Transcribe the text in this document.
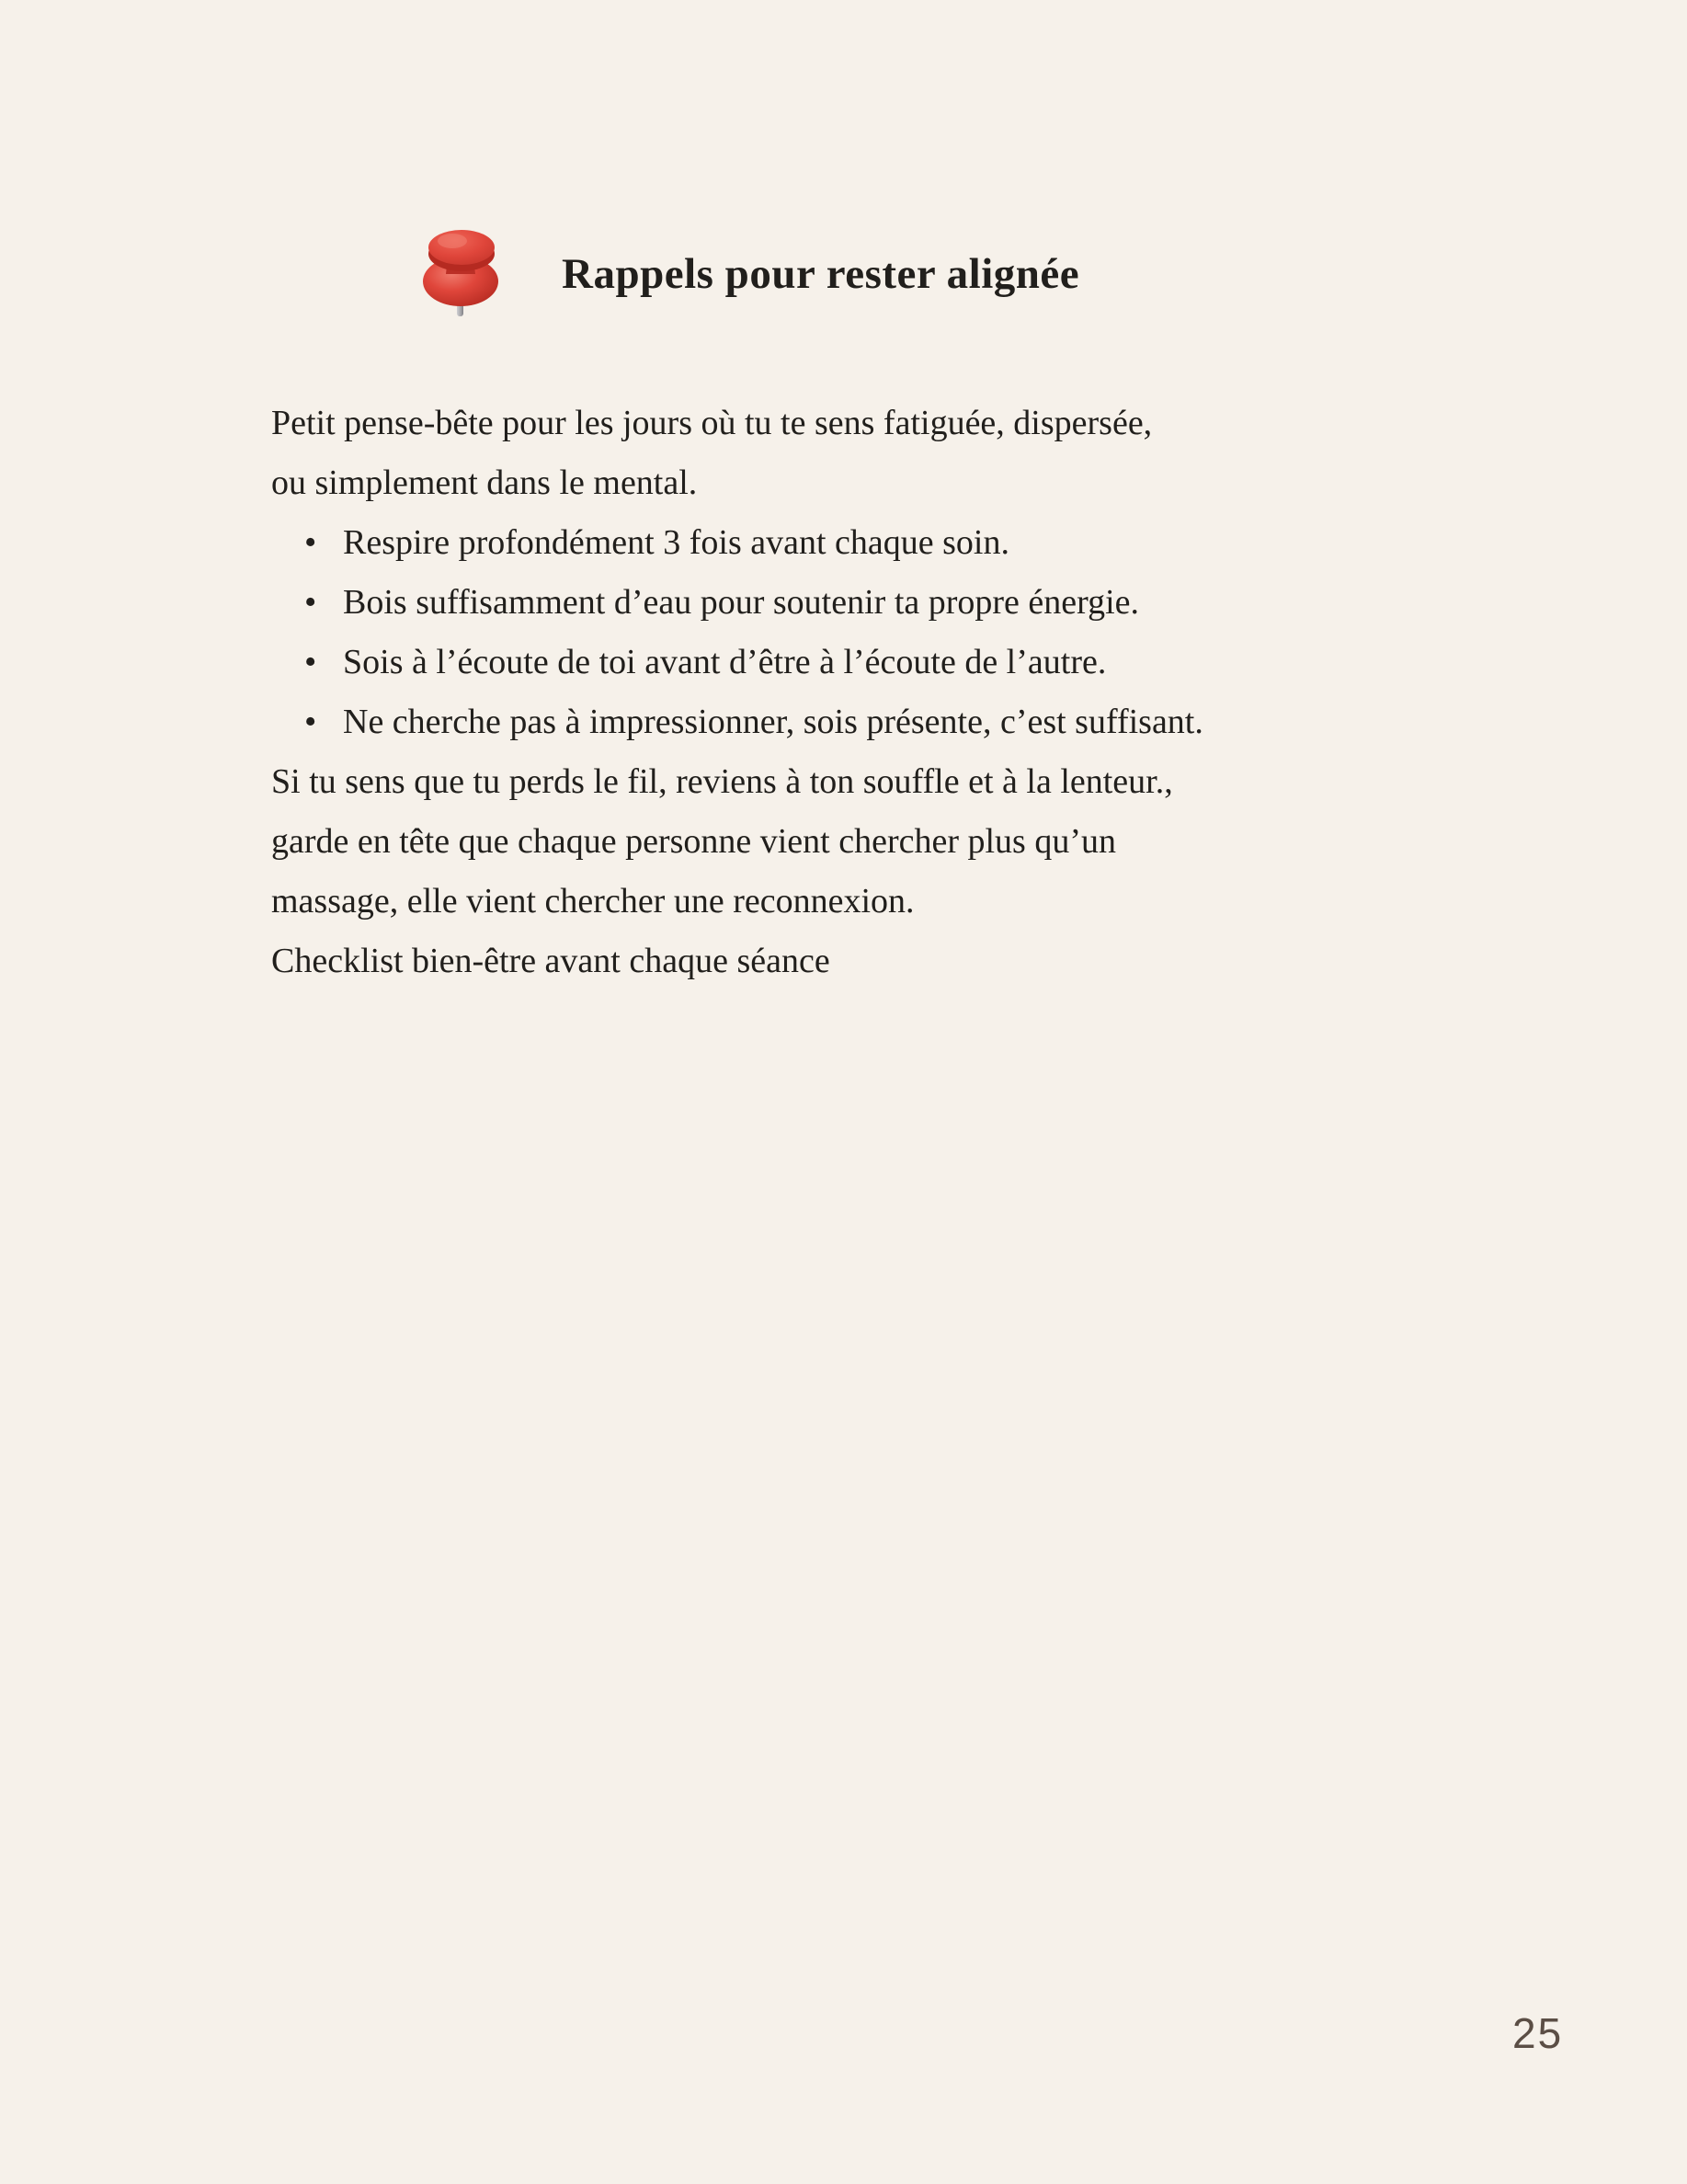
Rappels pour rester alignée
Petit pense-bête pour les jours où tu te sens fatiguée, dispersée,
ou simplement dans le mental.
• Respire profondément 3 fois avant chaque soin.
• Bois suffisamment d’eau pour soutenir ta propre énergie.
• Sois à l’écoute de toi avant d’être à l’écoute de l’autre.
• Ne cherche pas à impressionner, sois présente, c’est suffisant.
Si tu sens que tu perds le fil, reviens à ton souffle et à la lenteur.,
garde en tête que chaque personne vient chercher plus qu’un
massage, elle vient chercher une reconnexion.
Checklist bien-être avant chaque séance
25
